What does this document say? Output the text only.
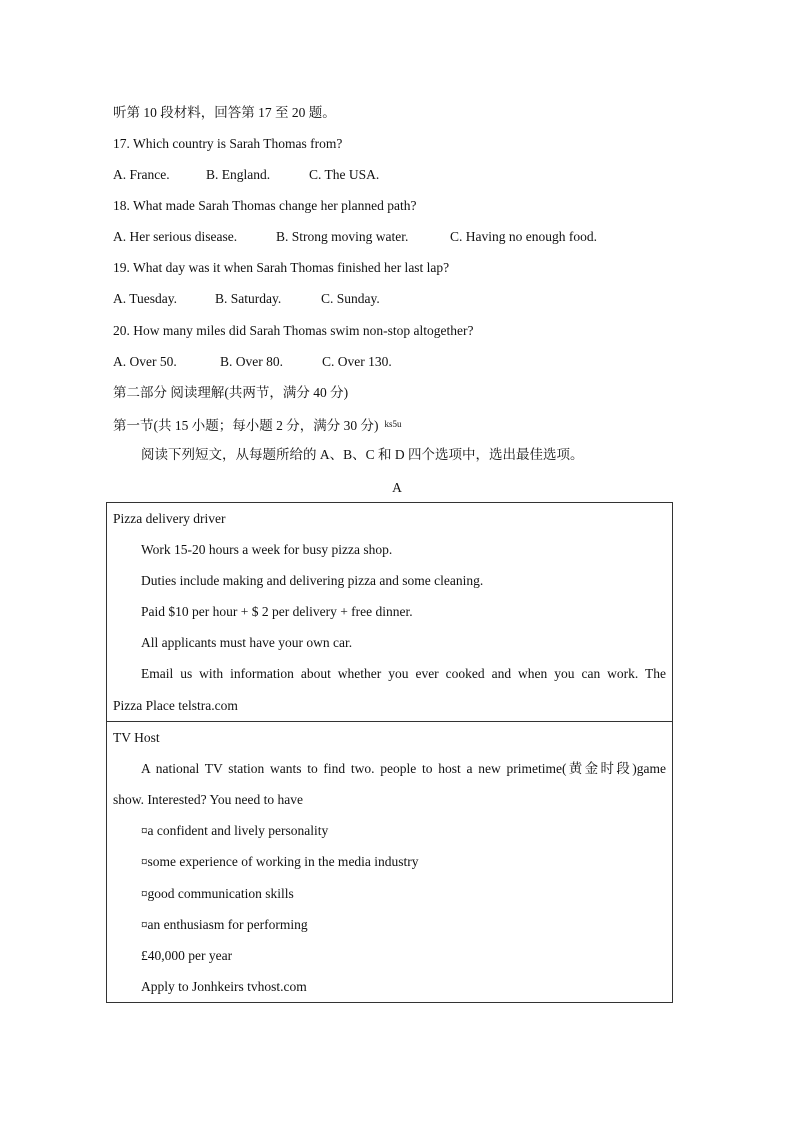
听第 10 段材料，回答第 17 至 20 题。
17. Which country is Sarah Thomas from?
A. France.	B. England.	C. The USA.
18. What made Sarah Thomas change her planned path?
A. Her serious disease.	B. Strong moving water.	C. Having no enough food.
19. What day was it when Sarah Thomas finished her last lap?
A. Tuesday.	B. Saturday.	C. Sunday.
20. How many miles did Sarah Thomas swim non-stop altogether?
A. Over 50.	B. Over 80.	C. Over 130.
第二部分 阅读理解(共两节，满分 40 分)
第一节(共 15 小题；每小题 2 分，满分 30 分) $^{ks5u}$
阅读下列短文，从每题所给的 A、B、C 和 D 四个选项中，选出最佳选项。
A
Pizza delivery driver
Work 15-20 hours a week for busy pizza shop.
Duties include making and delivering pizza and some cleaning.
Paid $10 per hour + $ 2 per delivery + free dinner.
All applicants must have your own car.
Email us with information about whether you ever cooked and when you can work. The
Pizza Place telstra.com
TV Host
A national TV station wants to find two. people to host a new primetime(黄金时段)game
show. Interested? You need to have
¤a confident and lively personality
¤some experience of working in the media industry
¤good communication skills
¤an enthusiasm for performing
£40,000 per year
Apply to Jonhkeirs tvhost.com
